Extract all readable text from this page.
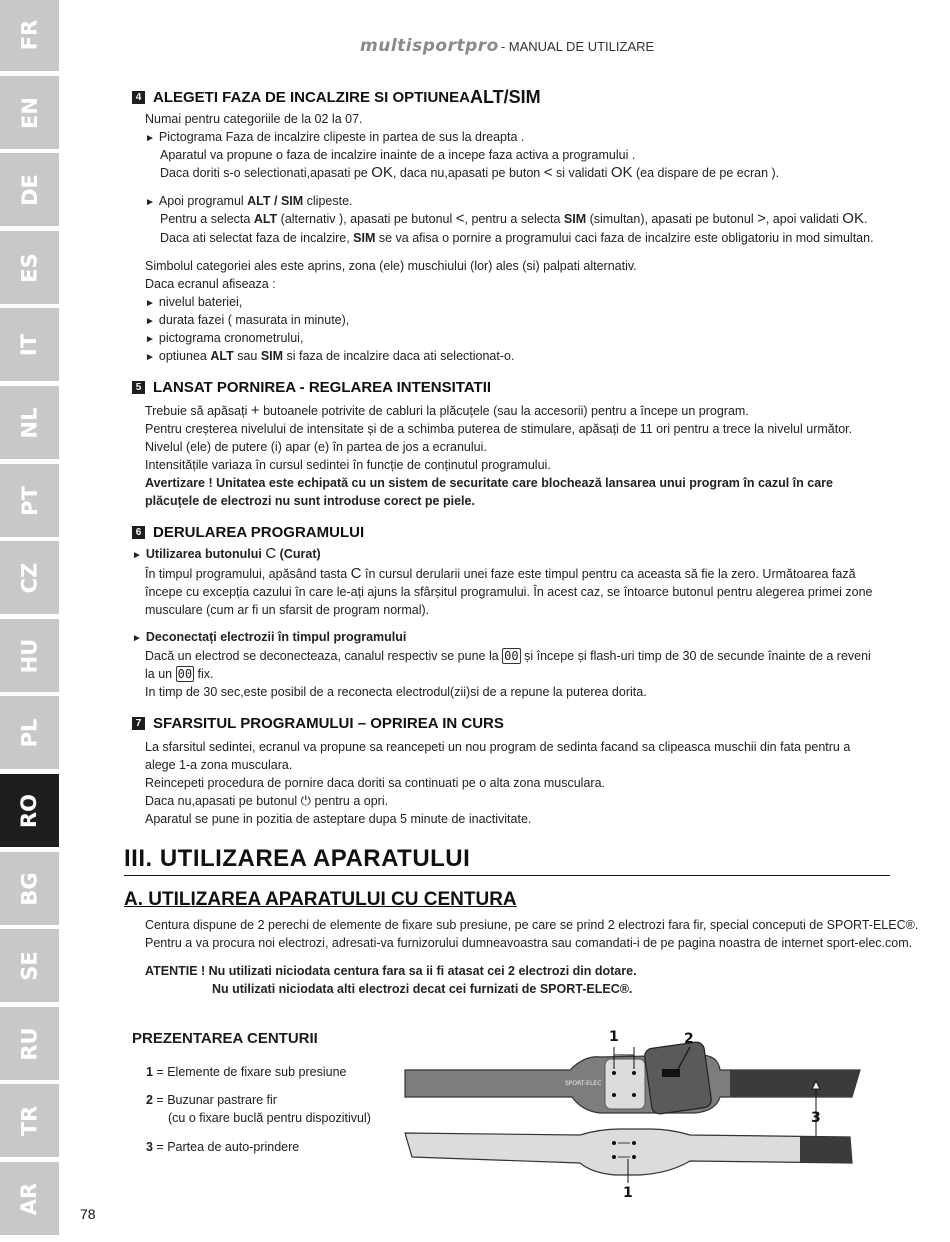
FR
EN
DE
ES
IT
NL
PT
CZ
HU
PL
RO
BG
SE
RU
TR
AR
multisportpro - MANUAL DE UTILIZARE
4 ALEGETI FAZA DE INCALZIRE SI OPTIUNEA ALT/SIM
Numai pentru categoriile de la 02 la 07.
► Pictograma Faza de incalzire clipeste in partea de sus la dreapta .
Aparatul va propune o faza de incalzire inainte de a incepe faza activa a programului .
Daca doriti s-o selectionati,apasati pe OK, daca nu,apasati pe buton < si validati OK (ea dispare de pe ecran ).
► Apoi programul ALT / SIM clipeste.
Pentru a selecta ALT (alternativ ), apasati pe butonul <, pentru a selecta SIM (simultan), apasati pe butonul >, apoi validati OK.
Daca ati selectat faza de incalzire, SIM se va afisa o pornire a programului caci faza de incalzire este obligatoriu in mod simultan.
Simbolul categoriei ales este aprins, zona (ele) muschiului (lor) ales (si) palpati alternativ.
Daca ecranul afiseaza :
► nivelul bateriei,
► durata fazei ( masurata in minute),
► pictograma cronometrului,
► optiunea ALT sau SIM si faza de incalzire daca ati selectionat-o.
5 LANSAT PORNIREA - REGLAREA INTENSITATII
Trebuie să apăsați + butoanele potrivite de cabluri la plăcuțele (sau la accesorii) pentru a începe un program.
Pentru creșterea nivelului de intensitate și de a schimba puterea de stimulare, apăsați de 11 ori pentru a trece la nivelul următor.
Nivelul (ele) de putere (i) apar (e) în partea de jos a ecranului.
Intensitățile variaza în cursul sedintei în funcție de conținutul programului.
Avertizare ! Unitatea este echipată cu un sistem de securitate care blochează lansarea unui program în cazul în care
plăcuțele de electrozi nu sunt introduse corect pe piele.
6 DERULAREA PROGRAMULUI
► Utilizarea butonului C (Curat)
În timpul programului, apăsând tasta C în cursul derularii unei faze este timpul pentru ca aceasta să fie la zero. Următoarea fază
începe cu excepția cazului în care le-ați ajuns la sfârșitul programului. În acest caz, se întoarce butonul pentru alegerea primei zone
musculare (cum ar fi un sfarsit de program normal).
► Deconectați electrozii în timpul programului
Dacă un electrod se deconecteaza, canalul respectiv se pune la 00 și începe și flash-uri timp de 30 de secunde înainte de a reveni
la un 00 fix.
In timp de 30 sec,este posibil de a reconecta electrodul(zii)si de a repune la puterea dorita.
7 SFARSITUL PROGRAMULUI – OPRIREA IN CURS
La sfarsitul sedintei, ecranul va propune sa reancepeti un nou program de sedinta facand sa clipeasca muschii din fata pentru a
alege 1-a zona musculara.
Reincepeti procedura de pornire daca doriti sa continuati pe o alta zona musculara.
Daca nu,apasati pe butonul ⏻ pentru a opri.
Aparatul se pune in pozitia de asteptare dupa 5 minute de inactivitate.
III. UTILIZAREA APARATULUI
A. UTILIZAREA APARATULUI CU CENTURA
Centura dispune de 2 perechi de elemente de fixare sub presiune, pe care se prind 2 electrozi fara fir, special conceputi de SPORT-ELEC®.
Pentru a va procura noi electrozi, adresati-va furnizorului dumneavoastra sau comandati-i de pe pagina noastra de internet sport-elec.com.
ATENTIE ! Nu utilizati niciodata centura fara sa ii fi atasat cei 2 electrozi din dotare.
Nu utilizati niciodata alti electrozi decat cei furnizati de SPORT-ELEC®.
PREZENTAREA CENTURII
1 = Elemente de fixare sub presiune
2 = Buzunar pastrare fir
(cu o fixare buclă pentru dispozitivul)
3 = Partea de auto-prindere
SPORT-ELEC
1	2
3
1
78
